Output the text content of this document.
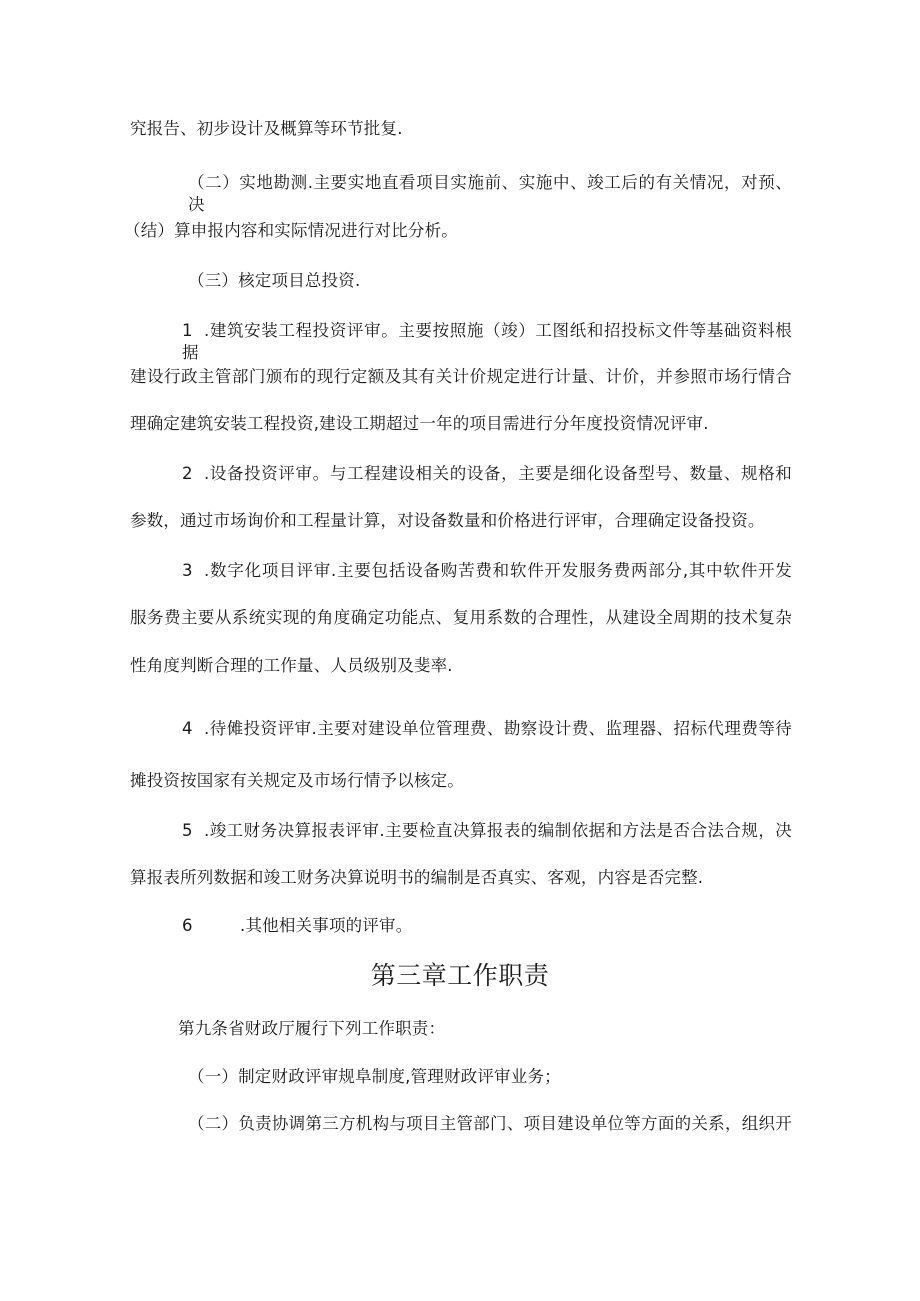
究报告、初步设计及概算等环节批复.
（二）实地勘测.主要实地直看项目实施前、实施中、竣工后的有关情况，对预、决
（结）算申报内容和实际情况进行对比分析。
（三）核定项目总投资.
1 .建筑安装工程投资评审。主要按照施（竣）工图纸和招投标文件等基础资料根据
建设行政主管部门颁布的现行定额及其有关计价规定进行计量、计价，并参照市场行情合
理确定建筑安装工程投资,建设工期超过一年的项目需进行分年度投资情况评审.
2 .设备投资评审。与工程建设相关的设备，主要是细化设备型号、数量、规格和
参数，通过市场询价和工程量计算，对设备数量和价格进行评审，合理确定设备投资。
3 .数字化项目评审.主要包括设备购苦费和软件开发服务费两部分,其中软件开发
服务费主要从系统实现的角度确定功能点、复用系数的合理性，从建设全周期的技术复杂
性角度判断合理的工作量、人员级别及斐率.
4 .待傩投资评审.主要对建设单位管理费、勘察设计费、监理器、招标代理费等待
摊投资按国家有关规定及市场行情予以核定。
5 .竣工财务决算报表评审.主要检直决算报表的编制依据和方法是否合法合规，决
算报表所列数据和竣工财务决算说明书的编制是否真实、客观，内容是否完整.
6	.其他相关事项的评审。
第三章工作职责
第九条省财政厅履行下列工作职责：
（一）制定财政评审规阜制度,管理财政评审业务；
（二）负责协调第三方机构与项目主管部门、项目建设单位等方面的关系，组织开
